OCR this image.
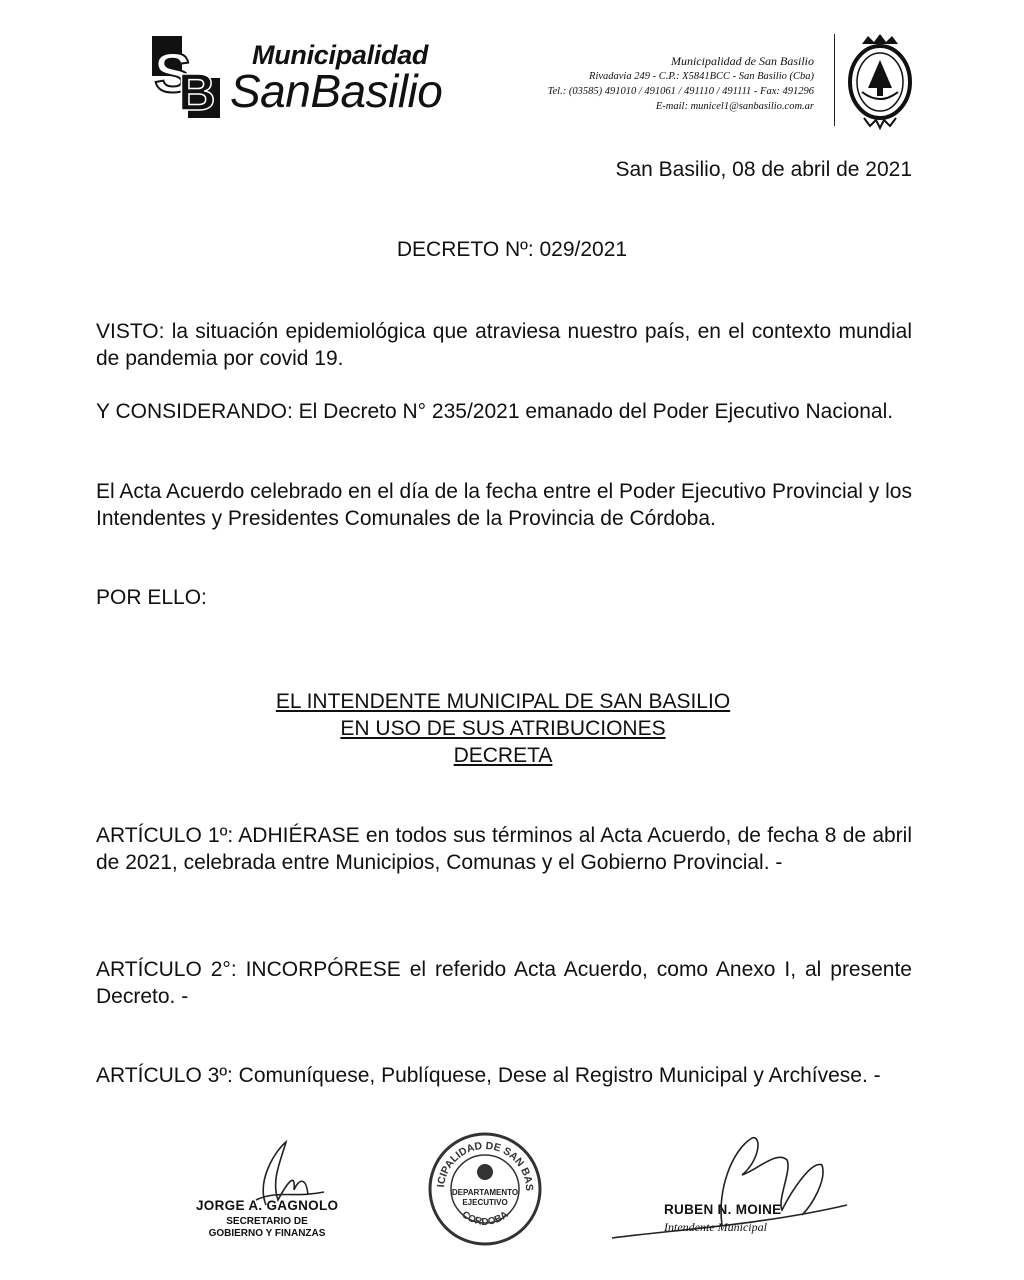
S
B
Municipalidad
SanBasilio
Municipalidad de San Basilio
Rivadavia 249 - C.P.: X5841BCC - San Basilio (Cba)
Tel.: (03585) 491010 / 491061 / 491110 / 491111 - Fax: 491296
E-mail: municel1@sanbasilio.com.ar
San Basilio, 08 de abril de 2021
DECRETO Nº: 029/2021

VISTO: la situación epidemiológica que atraviesa nuestro país, en el contexto mundial de pandemia por covid 19.

Y CONSIDERANDO: El Decreto N° 235/2021 emanado del Poder Ejecutivo Nacional.

El Acta Acuerdo celebrado en el día de la fecha entre el Poder Ejecutivo Provincial y los Intendentes y Presidentes Comunales de la Provincia de Córdoba.

POR ELLO:

EL INTENDENTE MUNICIPAL DE SAN BASILIO
EN USO DE SUS ATRIBUCIONES
DECRETA

ARTÍCULO 1º: ADHIÉRASE en todos sus términos al Acta Acuerdo, de fecha 8 de abril de 2021, celebrada entre Municipios, Comunas y el Gobierno Provincial. -

ARTÍCULO 2°: INCORPÓRESE el referido Acta Acuerdo, como Anexo I, al presente Decreto. -

ARTÍCULO 3º: Comuníquese, Publíquese, Dese al Registro Municipal y Archívese. -

JORGE A. GAGNOLO
SECRETARIO DE
GOBIERNO Y FINANZAS
ICIPALIDAD DE SAN BAS
CORDOBA
DEPARTAMENTO
EJECUTIVO	RUBEN N. MOINE
Intendente Municipal
